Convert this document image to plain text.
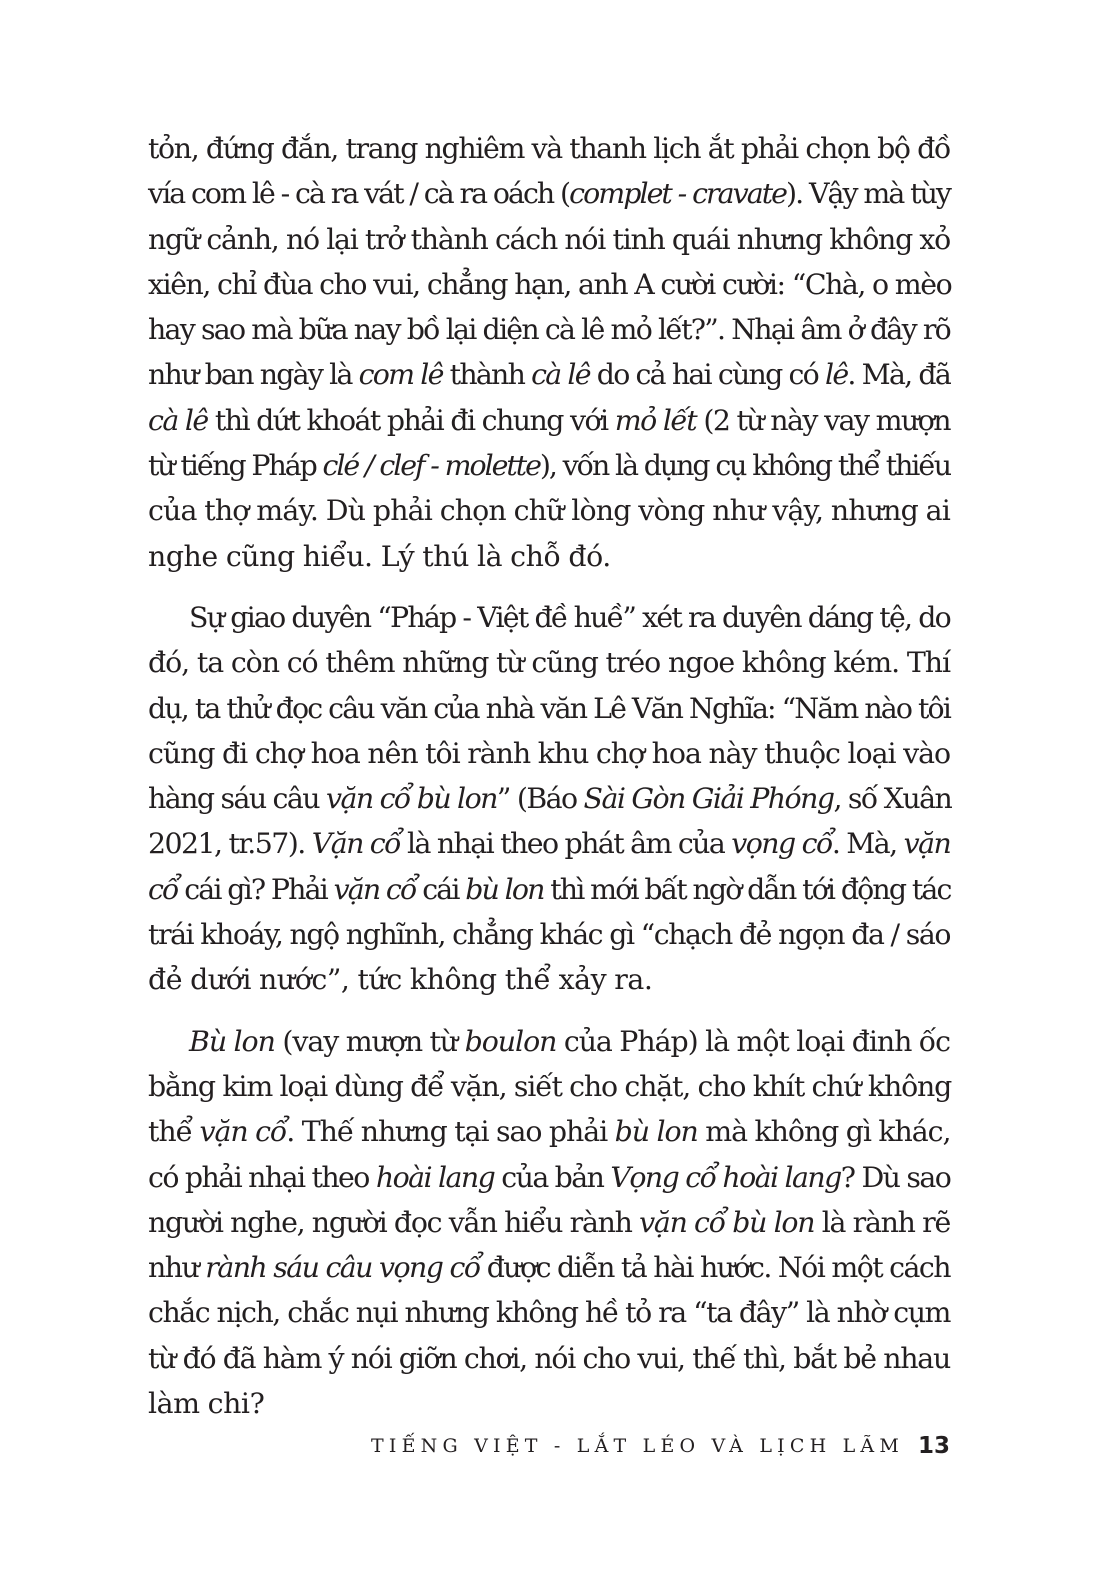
tỏn, đứng đắn, trang nghiêm và thanh lịch ắt phải chọn bộ đồ
vía com lê - cà ra vát / cà ra oách (complet - cravate). Vậy mà tùy
ngữ cảnh, nó lại trở thành cách nói tinh quái nhưng không xỏ
xiên, chỉ đùa cho vui, chẳng hạn, anh A cười cười: “Chà, o mèo
hay sao mà bữa nay bồ lại diện cà lê mỏ lết?”. Nhại âm ở đây rõ
như ban ngày là com lê thành cà lê do cả hai cùng có lê. Mà, đã
cà lê thì dứt khoát phải đi chung với mỏ lết (2 từ này vay mượn
từ tiếng Pháp clé / clef - molette), vốn là dụng cụ không thể thiếu
của thợ máy. Dù phải chọn chữ lòng vòng như vậy, nhưng ai
nghe cũng hiểu. Lý thú là chỗ đó.
Sự giao duyên “Pháp - Việt đề huề” xét ra duyên dáng tệ, do
đó, ta còn có thêm những từ cũng tréo ngoe không kém. Thí
dụ, ta thử đọc câu văn của nhà văn Lê Văn Nghĩa: “Năm nào tôi
cũng đi chợ hoa nên tôi rành khu chợ hoa này thuộc loại vào
hàng sáu câu vặn cổ bù lon” (Báo Sài Gòn Giải Phóng, số Xuân
2021, tr.57). Vặn cổ là nhại theo phát âm của vọng cổ. Mà, vặn
cổ cái gì? Phải vặn cổ cái bù lon thì mới bất ngờ dẫn tới động tác
trái khoáy, ngộ nghĩnh, chẳng khác gì “chạch đẻ ngọn đa / sáo
đẻ dưới nước”, tức không thể xảy ra.
Bù lon (vay mượn từ boulon của Pháp) là một loại đinh ốc
bằng kim loại dùng để vặn, siết cho chặt, cho khít chứ không
thể vặn cổ. Thế nhưng tại sao phải bù lon mà không gì khác,
có phải nhại theo hoài lang của bản Vọng cổ hoài lang? Dù sao
người nghe, người đọc vẫn hiểu rành vặn cổ bù lon là rành rẽ
như rành sáu câu vọng cổ được diễn tả hài hước. Nói một cách
chắc nịch, chắc nụi nhưng không hề tỏ ra “ta đây” là nhờ cụm
từ đó đã hàm ý nói giỡn chơi, nói cho vui, thế thì, bắt bẻ nhau
làm chi?
TIẾNG VIỆT - LẮT LÉO VÀ LỊCH LÃM 13
